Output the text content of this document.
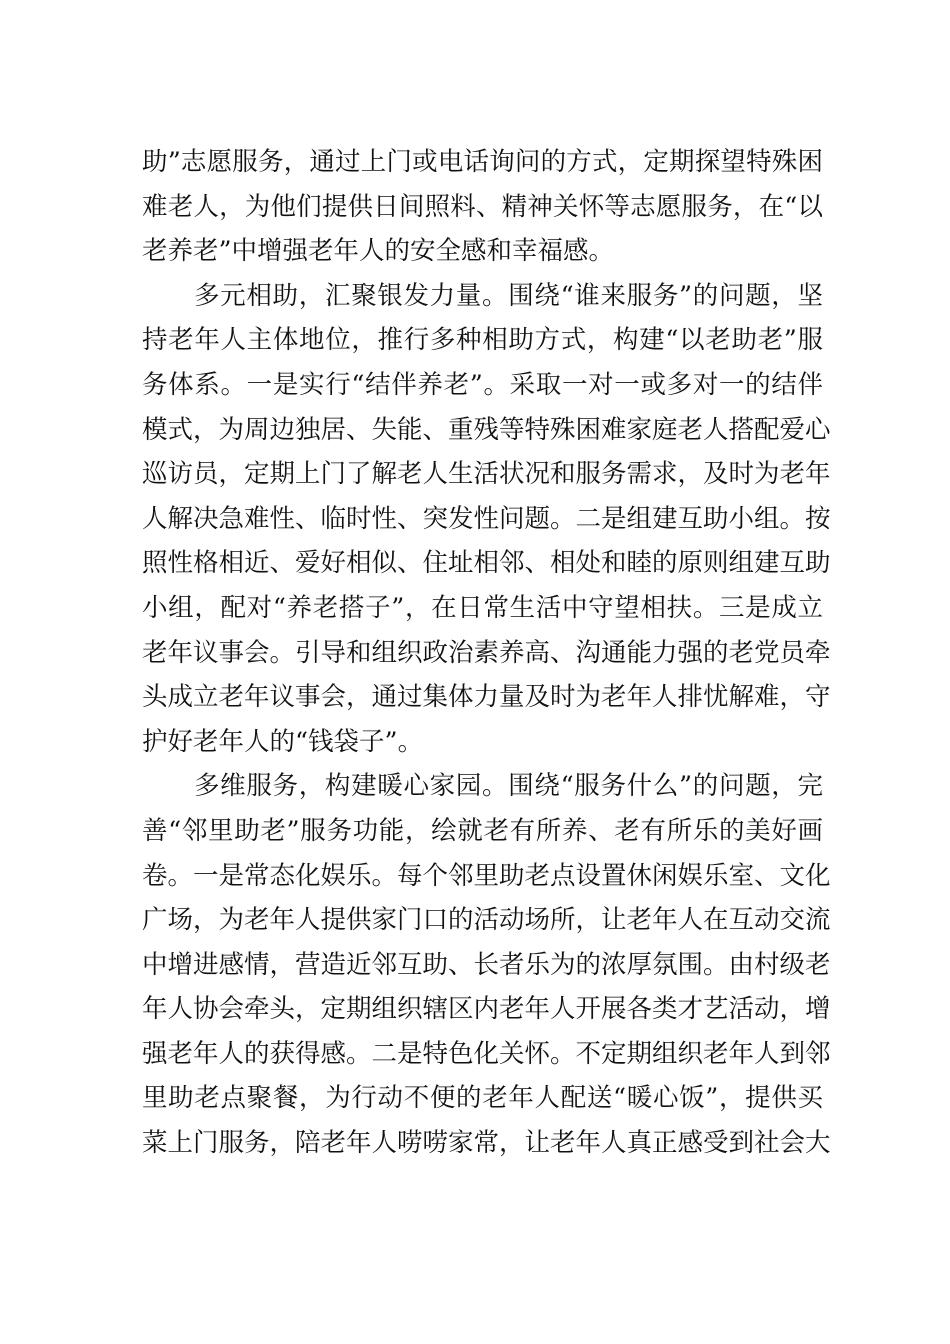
助”志愿服务，通过上门或电话询问的方式，定期探望特殊困
难老人，为他们提供日间照料、精神关怀等志愿服务，在“以
老养老”中增强老年人的安全感和幸福感。
多元相助，汇聚银发力量。围绕“谁来服务”的问题，坚
持老年人主体地位，推行多种相助方式，构建“以老助老”服
务体系。一是实行“结伴养老”。采取一对一或多对一的结伴
模式，为周边独居、失能、重残等特殊困难家庭老人搭配爱心
巡访员，定期上门了解老人生活状况和服务需求，及时为老年
人解决急难性、临时性、突发性问题。二是组建互助小组。按
照性格相近、爱好相似、住址相邻、相处和睦的原则组建互助
小组，配对“养老搭子”，在日常生活中守望相扶。三是成立
老年议事会。引导和组织政治素养高、沟通能力强的老党员牵
头成立老年议事会，通过集体力量及时为老年人排忧解难，守
护好老年人的“钱袋子”。
多维服务，构建暖心家园。围绕“服务什么”的问题，完
善“邻里助老”服务功能，绘就老有所养、老有所乐的美好画
卷。一是常态化娱乐。每个邻里助老点设置休闲娱乐室、文化
广场，为老年人提供家门口的活动场所，让老年人在互动交流
中增进感情，营造近邻互助、长者乐为的浓厚氛围。由村级老
年人协会牵头，定期组织辖区内老年人开展各类才艺活动，增
强老年人的获得感。二是特色化关怀。不定期组织老年人到邻
里助老点聚餐，为行动不便的老年人配送“暖心饭”，提供买
菜上门服务，陪老年人唠唠家常，让老年人真正感受到社会大
